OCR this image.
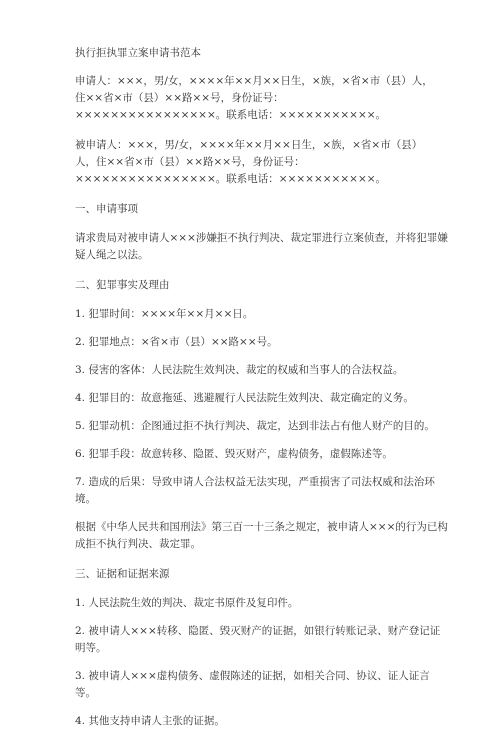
执行拒执罪立案申请书范本

申请人：×××，男/女，××××年××月××日生，×族，×省×市（县）人，

住××省×市（县）××路××号，身份证号：

××××××××××××××××。联系电话：×××××××××××。

被申请人：×××，男/女，××××年××月××日生，×族，×省×市（县）

人，住××省×市（县）××路××号，身份证号：

××××××××××××××××。联系电话：×××××××××××。

一、申请事项

请求贵局对被申请人×××涉嫌拒不执行判决、裁定罪进行立案侦查，并将犯罪嫌

疑人绳之以法。

二、犯罪事实及理由

1. 犯罪时间：××××年××月××日。

2. 犯罪地点：×省×市（县）××路××号。

3. 侵害的客体：人民法院生效判决、裁定的权威和当事人的合法权益。

4. 犯罪目的：故意拖延、逃避履行人民法院生效判决、裁定确定的义务。

5. 犯罪动机：企图通过拒不执行判决、裁定，达到非法占有他人财产的目的。

6. 犯罪手段：故意转移、隐匿、毁灭财产，虚构债务，虚假陈述等。

7. 造成的后果：导致申请人合法权益无法实现，严重损害了司法权威和法治环境。

根据《中华人民共和国刑法》第三百一十三条之规定，被申请人×××的行为已构

成拒不执行判决、裁定罪。

三、证据和证据来源

1. 人民法院生效的判决、裁定书原件及复印件。

2. 被申请人×××转移、隐匿、毁灭财产的证据，如银行转账记录、财产登记证

明等。

3. 被申请人×××虚构债务、虚假陈述的证据，如相关合同、协议、证人证言等。

4. 其他支持申请人主张的证据。
